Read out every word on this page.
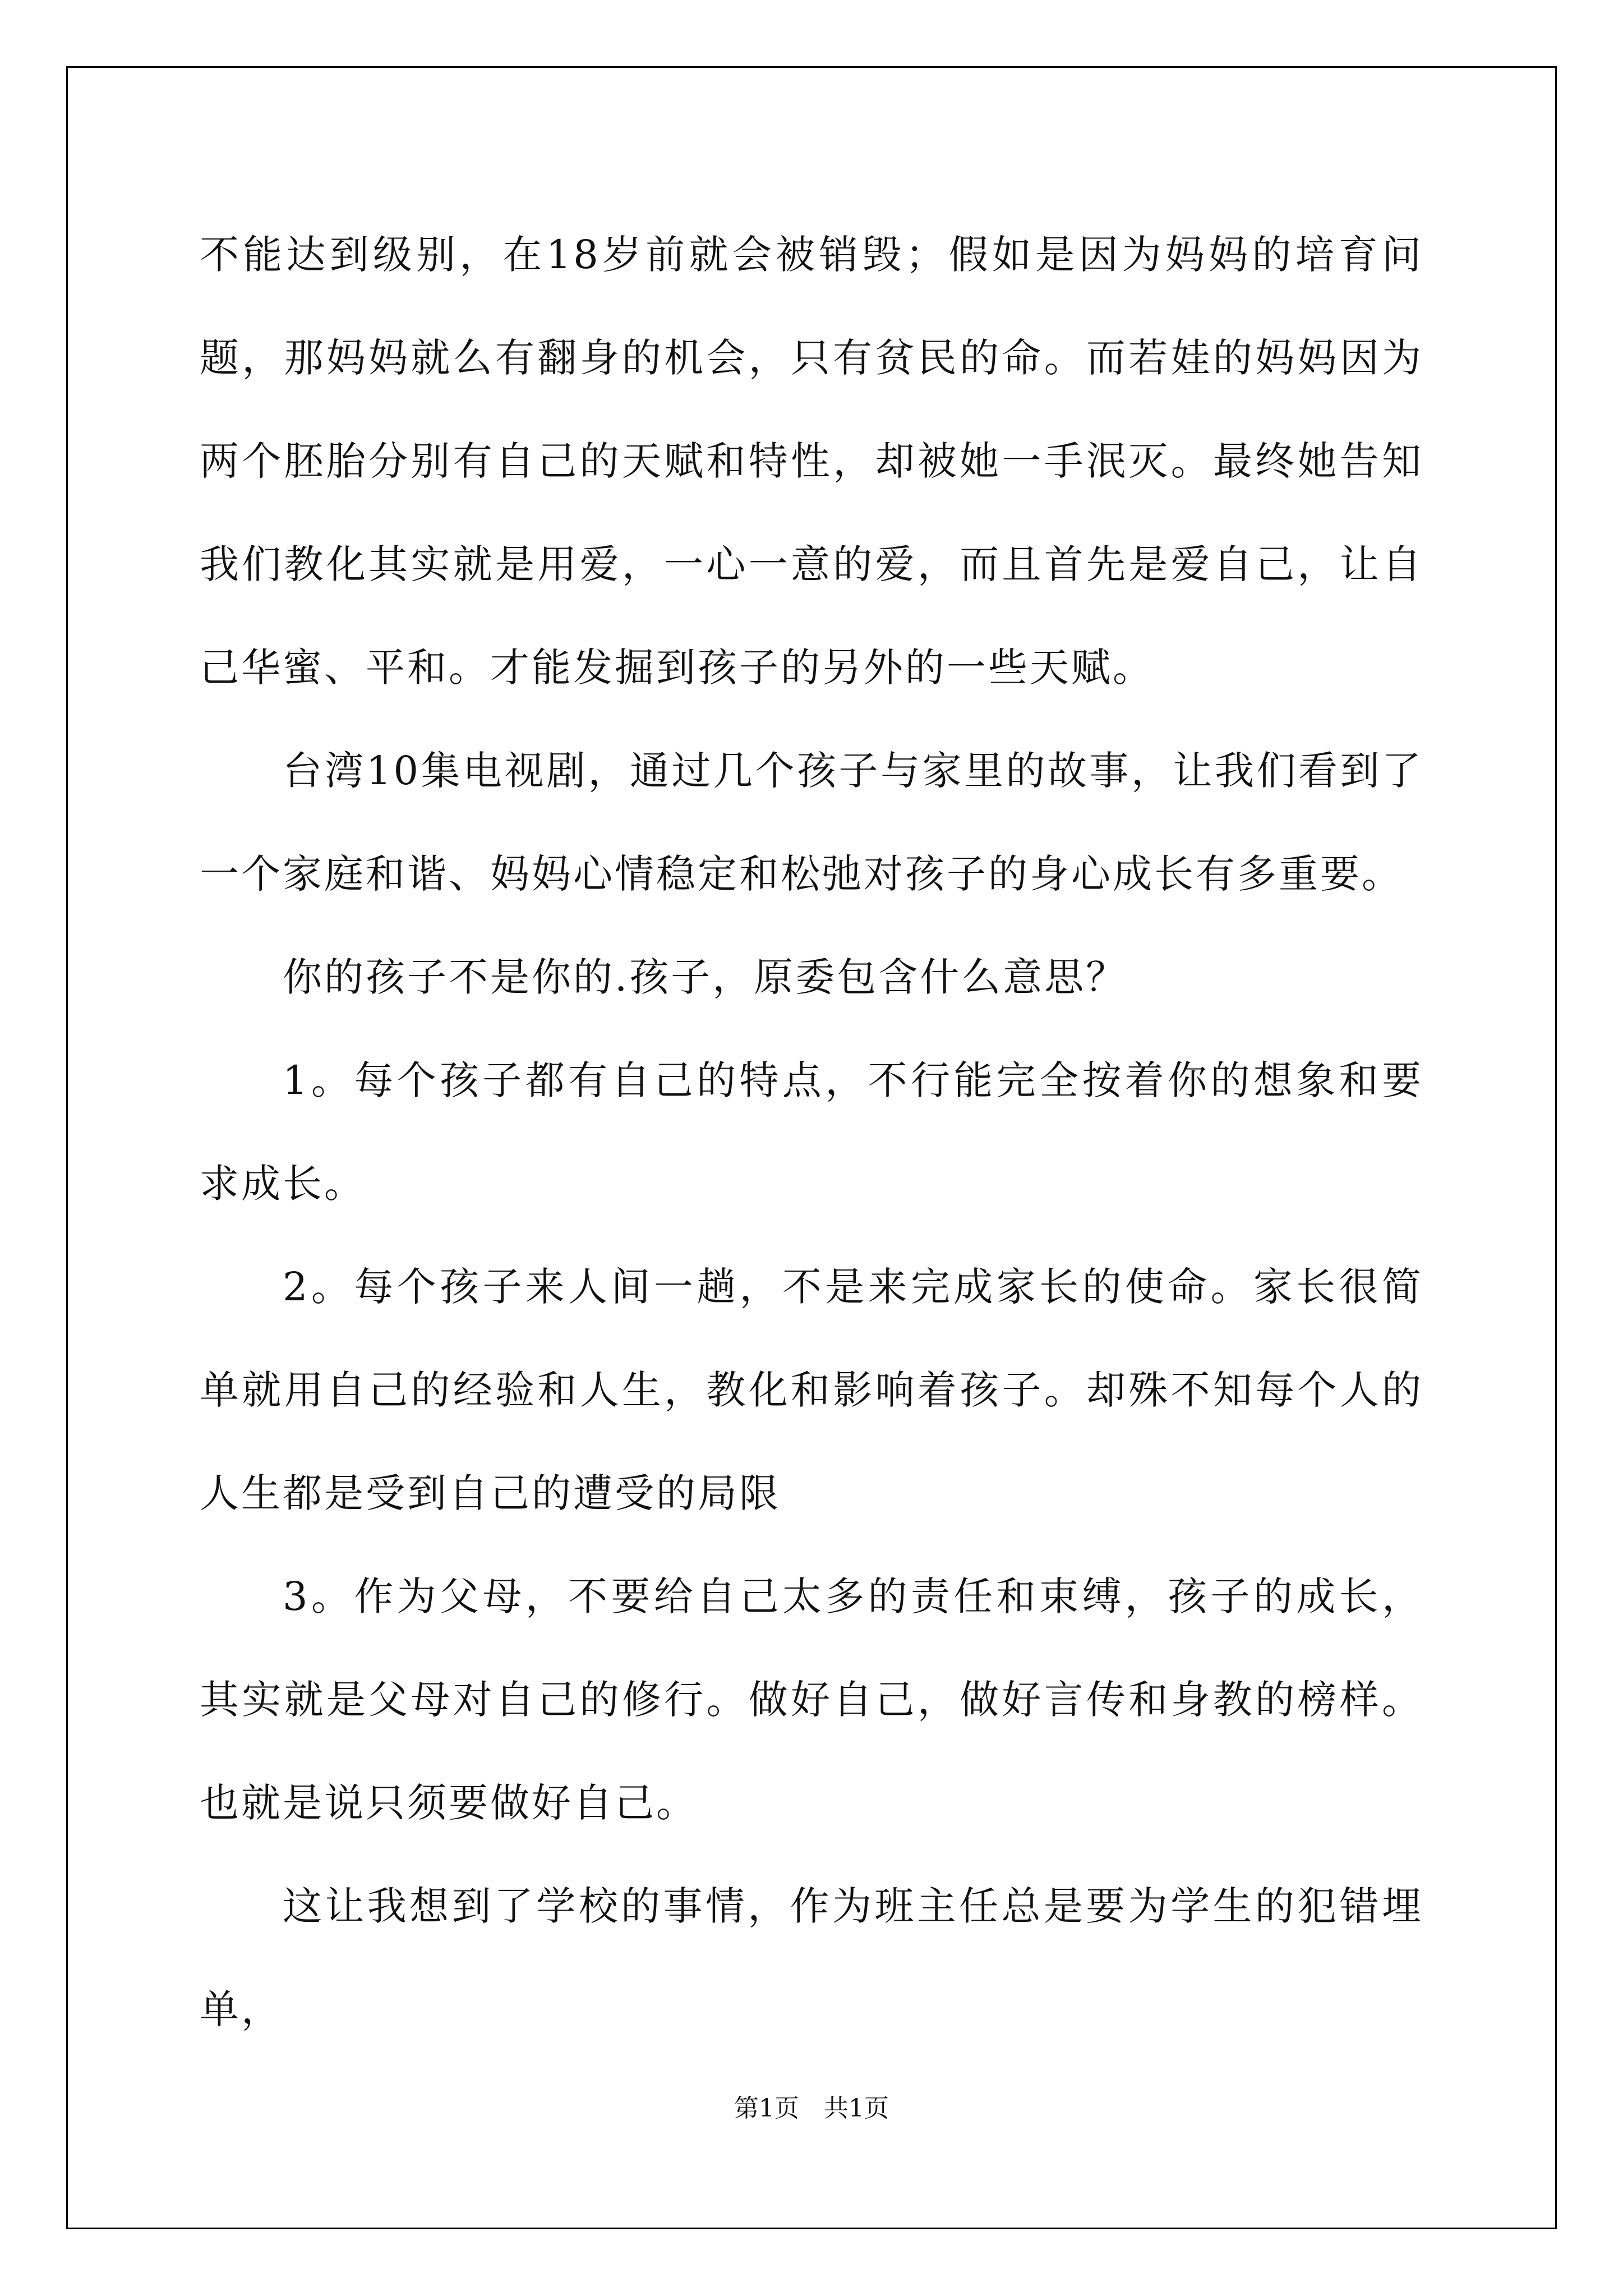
不能达到级别，在18岁前就会被销毁；假如是因为妈妈的培育问题，那妈妈就么有翻身的机会，只有贫民的命。而若娃的妈妈因为两个胚胎分别有自己的天赋和特性，却被她一手泯灭。最终她告知我们教化其实就是用爱，一心一意的爱，而且首先是爱自己，让自己华蜜、平和。才能发掘到孩子的另外的一些天赋。

台湾10集电视剧，通过几个孩子与家里的故事，让我们看到了一个家庭和谐、妈妈心情稳定和松弛对孩子的身心成长有多重要。

你的孩子不是你的.孩子，原委包含什么意思？

1。每个孩子都有自己的特点，不行能完全按着你的想象和要求成长。

2。每个孩子来人间一趟，不是来完成家长的使命。家长很简单就用自己的经验和人生，教化和影响着孩子。却殊不知每个人的人生都是受到自己的遭受的局限

3。作为父母，不要给自己太多的责任和束缚，孩子的成长，其实就是父母对自己的修行。做好自己，做好言传和身教的榜样。也就是说只须要做好自己。

这让我想到了学校的事情，作为班主任总是要为学生的犯错埋单，

第1页　共1页
